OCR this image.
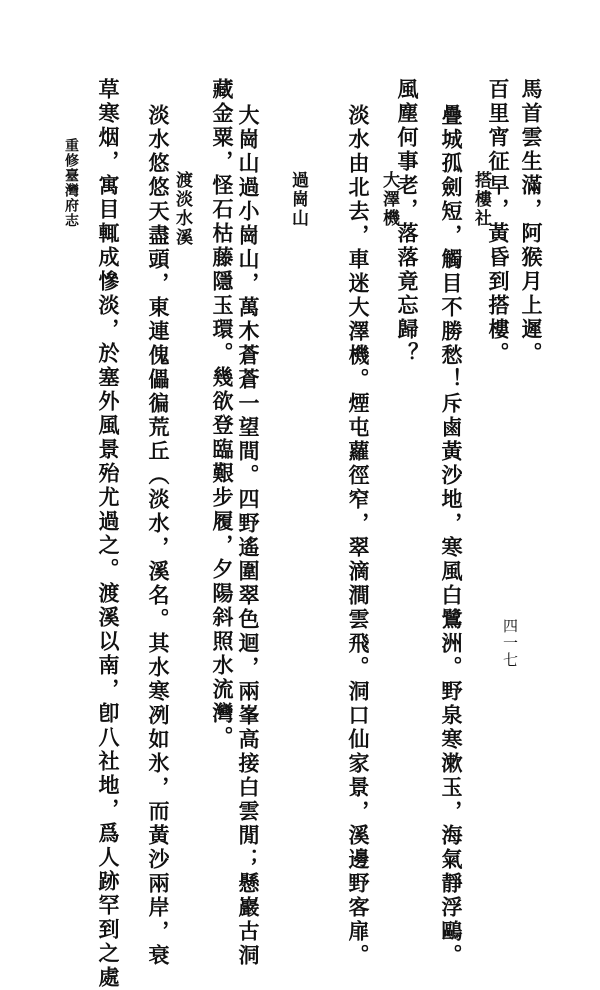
馬首雲生滿，阿猴月上遲。
百里宵征早，黃昏到搭樓。
搭樓社
疊城孤劍短，觸目不勝愁！斥鹵黃沙地，寒風白鷺洲。野泉寒漱玉，海氣靜浮鷗。
風塵何事老，落落竟忘歸？
大澤機
淡水由北去，車迷大澤機。煙屯蘿徑窄，翠滴澗雲飛。洞口仙家景，溪邊野客扉。
過崗山
藏金粟，怪石枯藤隱玉環。幾欲登臨艱步履，夕陽斜照水流灣。 大崗山過小崗山，萬木蒼蒼一望間。四野遙圍翠色迴，兩峯高接白雲閒；懸巖古洞
渡淡水溪
淡水悠悠天盡頭，東連傀儡徧荒丘（淡水，溪名。其水寒冽如氷，而黃沙兩岸，衰
草寒烟，寓目輒成慘淡，於塞外風景殆尤過之。渡溪以南，卽八社地，爲人跡罕到之處
重修臺灣府志
四一七
